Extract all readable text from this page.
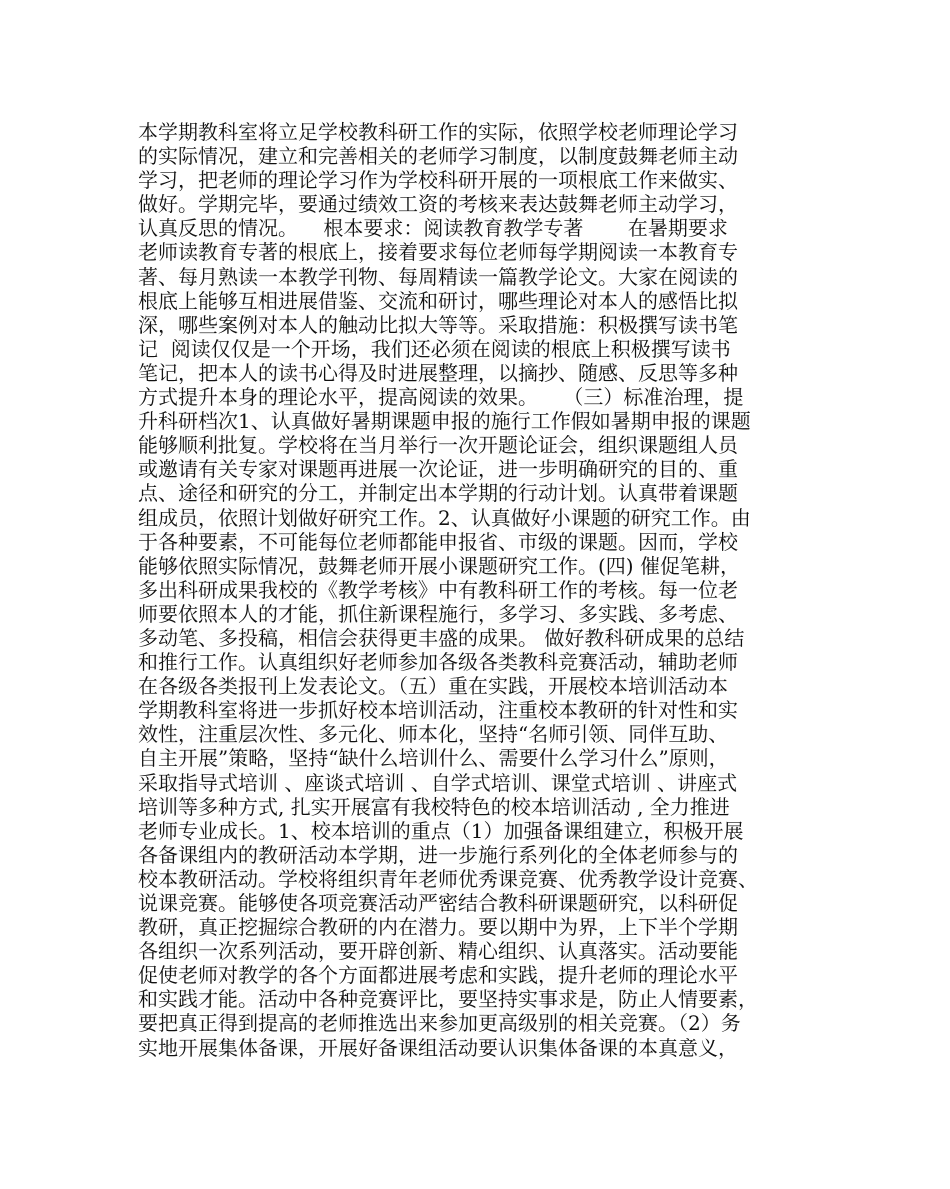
本学期教科室将立足学校教科研工作的实际，依照学校老师理论学习
的实际情况，建立和完善相关的老师学习制度，以制度鼓舞老师主动
学习，把老师的理论学习作为学校科研开展的一项根底工作来做实、
做好。学期完毕，要通过绩效工资的考核来表达鼓舞老师主动学习，
认真反思的情况。    根本要求：阅读教育教学专著       在暑期要求
老师读教育专著的根底上，接着要求每位老师每学期阅读一本教育专
著、每月熟读一本教学刊物、每周精读一篇教学论文。大家在阅读的
根底上能够互相进展借鉴、交流和研讨，哪些理论对本人的感悟比拟
深，哪些案例对本人的触动比拟大等等。采取措施：积极撰写读书笔
记  阅读仅仅是一个开场，我们还必须在阅读的根底上积极撰写读书
笔记，把本人的读书心得及时进展整理，以摘抄、随感、反思等多种
方式提升本身的理论水平，提高阅读的效果。    （三）标准治理，提
升科研档次1、认真做好暑期课题申报的施行工作假如暑期申报的课题
能够顺利批复。学校将在当月举行一次开题论证会，组织课题组人员
或邀请有关专家对课题再进展一次论证，进一步明确研究的目的、重
点、途径和研究的分工，并制定出本学期的行动计划。认真带着课题
组成员，依照计划做好研究工作。2、认真做好小课题的研究工作。由
于各种要素，不可能每位老师都能申报省、市级的课题。因而，学校
能够依照实际情况，鼓舞老师开展小课题研究工作。(四) 催促笔耕，
多出科研成果我校的《教学考核》中有教科研工作的考核。每一位老
师要依照本人的才能，抓住新课程施行，多学习、多实践、多考虑、
多动笔、多投稿，相信会获得更丰盛的成果。 做好教科研成果的总结
和推行工作。认真组织好老师参加各级各类教科竞赛活动，辅助老师
在各级各类报刊上发表论文。（五）重在实践，开展校本培训活动本
学期教科室将进一步抓好校本培训活动，注重校本教研的针对性和实
效性，注重层次性、多元化、师本化，坚持“名师引领、同伴互助、
自主开展”策略，坚持“缺什么培训什么、需要什么学习什么”原则，
采取指导式培训 、座谈式培训 、自学式培训、课堂式培训 、讲座式
培训等多种方式, 扎实开展富有我校特色的校本培训活动 , 全力推进
老师专业成长。1、校本培训的重点（1）加强备课组建立，积极开展
各备课组内的教研活动本学期，进一步施行系列化的全体老师参与的
校本教研活动。学校将组织青年老师优秀课竞赛、优秀教学设计竞赛、
说课竞赛。能够使各项竞赛活动严密结合教科研课题研究，以科研促
教研，真正挖掘综合教研的内在潜力。要以期中为界，上下半个学期
各组织一次系列活动，要开辟创新、精心组织、认真落实。活动要能
促使老师对教学的各个方面都进展考虑和实践，提升老师的理论水平
和实践才能。活动中各种竞赛评比，要坚持实事求是，防止人情要素，
要把真正得到提高的老师推选出来参加更高级别的相关竞赛。（2）务
实地开展集体备课，开展好备课组活动要认识集体备课的本真意义，
